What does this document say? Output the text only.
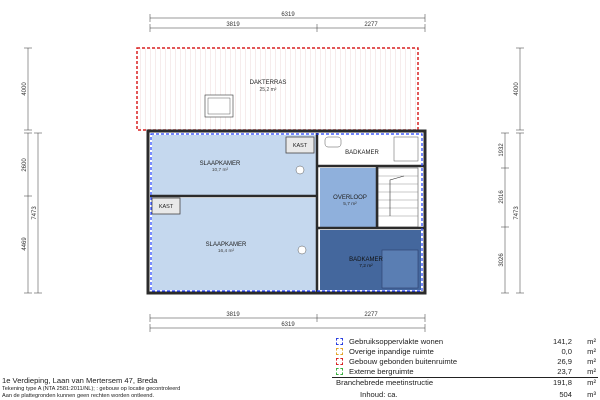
6319
3819	2277
3819	2277
6319
4000
2600
4469
7473
4000
1932
2016
3026
7473
DAKTERRAS
25,2 m²
SLAAPKAMER
10,7 m²
SLAAPKAMER
16,4 m²
KAST
KAST
BADKAMER
OVERLOOP
5,7 m²
BADKAMER
7,2 m²
Gebruiksoppervlakte wonen	141,2 m²
Overige inpandige ruimte	0,0 m²
Gebouw gebonden buitenruimte	26,9 m²
Externe bergruimte	23,7 m²
Branchebrede meetinstructie	191,8 m²
Inhoud: ca.	504 m³
1e Verdieping, Laan van Mertersem 47, Breda
Tekening type A (NTA 2581:2011/NL); : gebouw op locatie gecontroleerd
Aan de plattegronden kunnen geen rechten worden ontleend.
